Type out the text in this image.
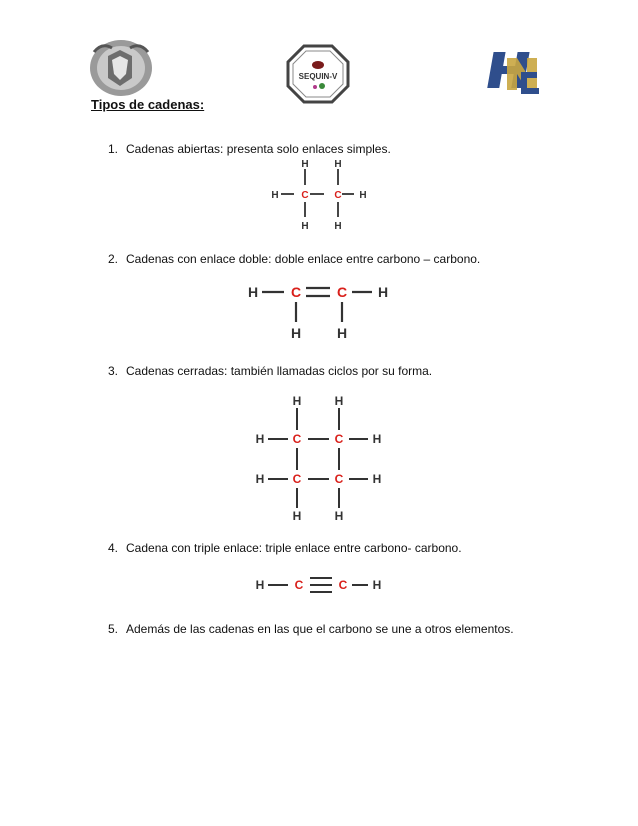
SEQUIN-V
Tipos de cadenas:
1. Cadenas abiertas: presenta solo enlaces simples.
H	H
H C	C H
H	H
2. Cadenas con enlace doble: doble enlace entre carbono – carbono.
H C	C H
H	H
3. Cadenas cerradas: también llamadas ciclos por su forma.
H	H
H C	C H
H C	C H
H	H
4. Cadena con triple enlace: triple enlace entre carbono- carbono.
H	C	C H
5. Además de las cadenas en las que el carbono se une a otros elementos.
